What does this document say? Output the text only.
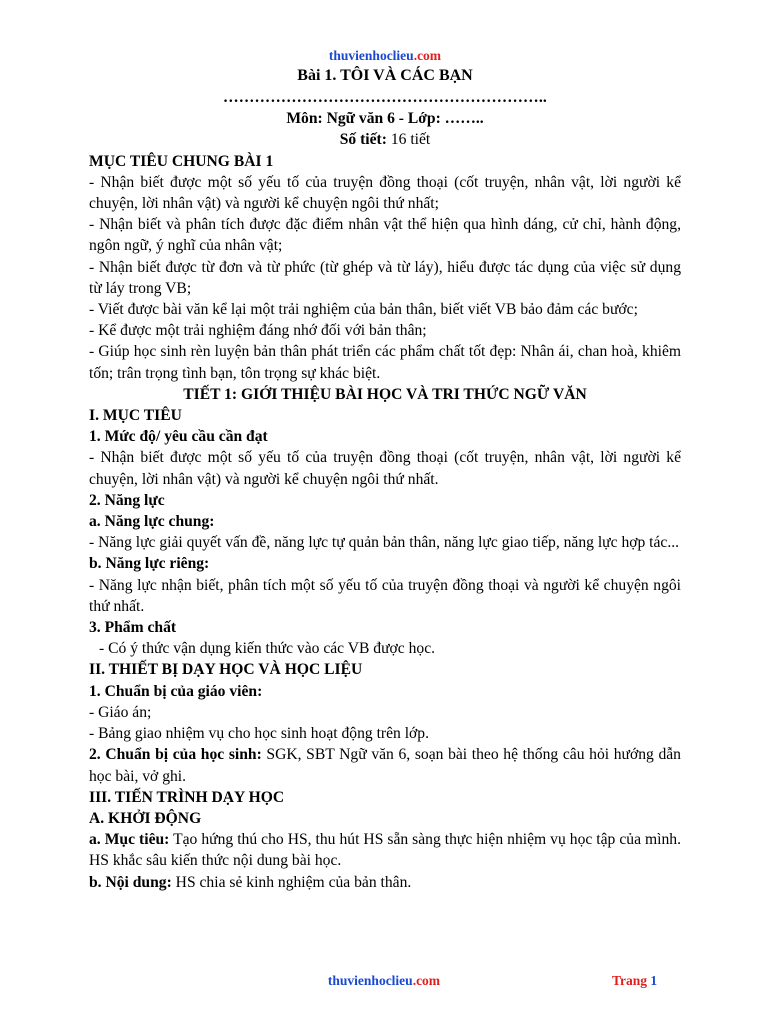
thuvienhoclieu.com
Bài 1. TÔI VÀ CÁC BẠN
……………………………………………………..
Môn: Ngữ văn 6 - Lớp: ……..
Số tiết: 16 tiết
MỤC TIÊU CHUNG BÀI 1

- Nhận biết được một số yếu tố của truyện đồng thoại (cốt truyện, nhân vật, lời người kể chuyện, lời nhân vật) và người kể chuyện ngôi thứ nhất;

- Nhận biết và phân tích được đặc điểm nhân vật thể hiện qua hình dáng, cử chỉ, hành động, ngôn ngữ, ý nghĩ của nhân vật;

- Nhận biết được từ đơn và từ phức (từ ghép và từ láy), hiểu được tác dụng của việc sử dụng từ láy trong VB;

- Viết được bài văn kể lại một trải nghiệm của bản thân, biết viết VB bảo đảm các bước;

- Kể được một trải nghiệm đáng nhớ đối với bản thân;

- Giúp học sinh rèn luyện bản thân phát triển các phẩm chất tốt đẹp: Nhân ái, chan hoà, khiêm tốn; trân trọng tình bạn, tôn trọng sự khác biệt.

TIẾT 1: GIỚI THIỆU BÀI HỌC VÀ TRI THỨC NGỮ VĂN
I. MỤC TIÊU
1. Mức độ/ yêu cầu cần đạt

- Nhận biết được một số yếu tố của truyện đồng thoại (cốt truyện, nhân vật, lời người kể chuyện, lời nhân vật) và người kể chuyện ngôi thứ nhất.

2. Năng lực
a. Năng lực chung:

- Năng lực giải quyết vấn đề, năng lực tự quản bản thân, năng lực giao tiếp, năng lực hợp tác...

b. Năng lực riêng:

- Năng lực nhận biết, phân tích một số yếu tố của truyện đồng thoại và người kể chuyện ngôi thứ nhất.

3. Phẩm chất

- Có ý thức vận dụng kiến thức vào các VB được học.

II. THIẾT BỊ DẠY HỌC VÀ HỌC LIỆU
1. Chuẩn bị của giáo viên:

- Giáo án;

- Bảng giao nhiệm vụ cho học sinh hoạt động trên lớp.

2. Chuẩn bị của học sinh: SGK, SBT Ngữ văn 6, soạn bài theo hệ thống câu hỏi hướng dẫn học bài, vở ghi.

III. TIẾN TRÌNH DẠY HỌC
A. KHỞI ĐỘNG

a. Mục tiêu: Tạo hứng thú cho HS, thu hút HS sẵn sàng thực hiện nhiệm vụ học tập của mình. HS khắc sâu kiến thức nội dung bài học.

b. Nội dung: HS chia sẻ kinh nghiệm của bản thân.

thuvienhoclieu.com	Trang 1
